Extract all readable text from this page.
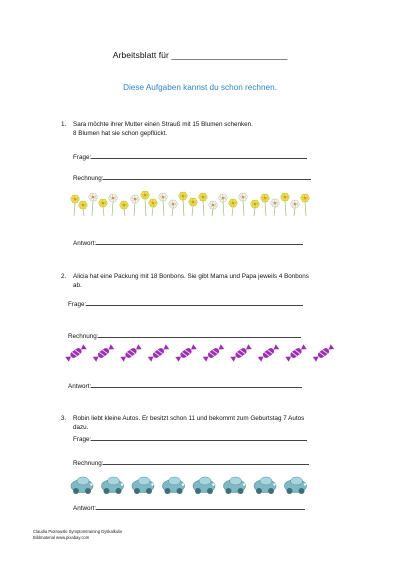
Arbeitsblatt für ________________________
Diese Aufgaben kannst du schon rechnen.
1.	Sara möchte ihrer Mutter einen Strauß mit 15 Blumen schenken.
8 Blumen hat sie schon gepflückt.
Frage:
Rechnung:
Antwort:
2.	Alicia hat eine Packung mit 18 Bonbons. Sie gibt Mama und Papa jeweils 4 Bonbons
ab.
Frage:
Rechnung:
Antwort:
3.	Robin liebt kleine Autos. Er besitzt schon 11 und bekommt zum Geburtstag 7 Autos
dazu.
Frage:
Rechnung:
Antwort:
Claudia Piotrowski Symptomtraining Dyskalkulie
Bildmaterial www.pixabay.com
